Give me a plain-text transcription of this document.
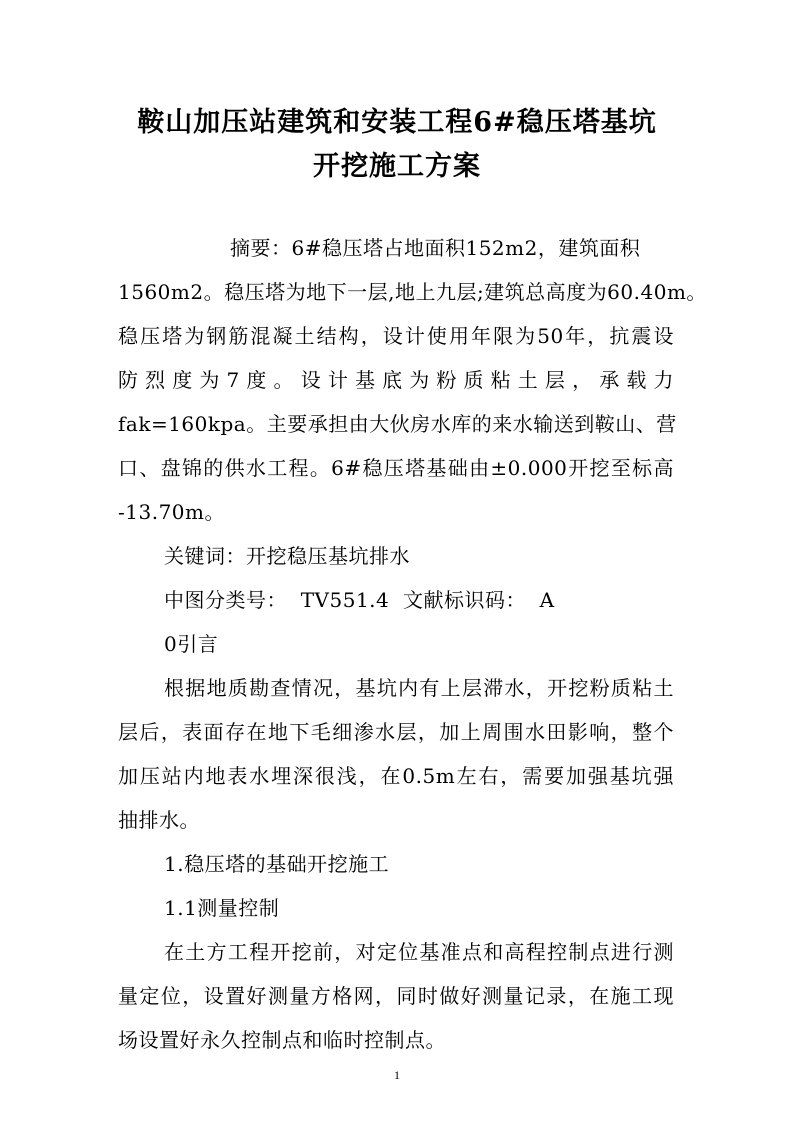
鞍山加压站建筑和安装工程6#稳压塔基坑
开挖施工方案
摘要：6#稳压塔占地面积152m2，建筑面积
1560m2。稳压塔为地下一层,地上九层;建筑总高度为60.40m。
稳压塔为钢筋混凝土结构，设计使用年限为50年，抗震设
防烈度为7度。设计基底为粉质粘土层，承载力
fak=160kpa。主要承担由大伙房水库的来水输送到鞍山、营
口、盘锦的供水工程。6#稳压塔基础由±0.000开挖至标高
-13.70m。
关键词：开挖稳压基坑排水
中图分类号：  TV551.4  文献标识码：  A
0引言
根据地质勘查情况，基坑内有上层滞水，开挖粉质粘土
层后，表面存在地下毛细渗水层，加上周围水田影响，整个
加压站内地表水埋深很浅，在0.5m左右，需要加强基坑强
抽排水。
1.稳压塔的基础开挖施工
1.1测量控制
在土方工程开挖前，对定位基准点和高程控制点进行测
量定位，设置好测量方格网，同时做好测量记录，在施工现
场设置好永久控制点和临时控制点。
1
